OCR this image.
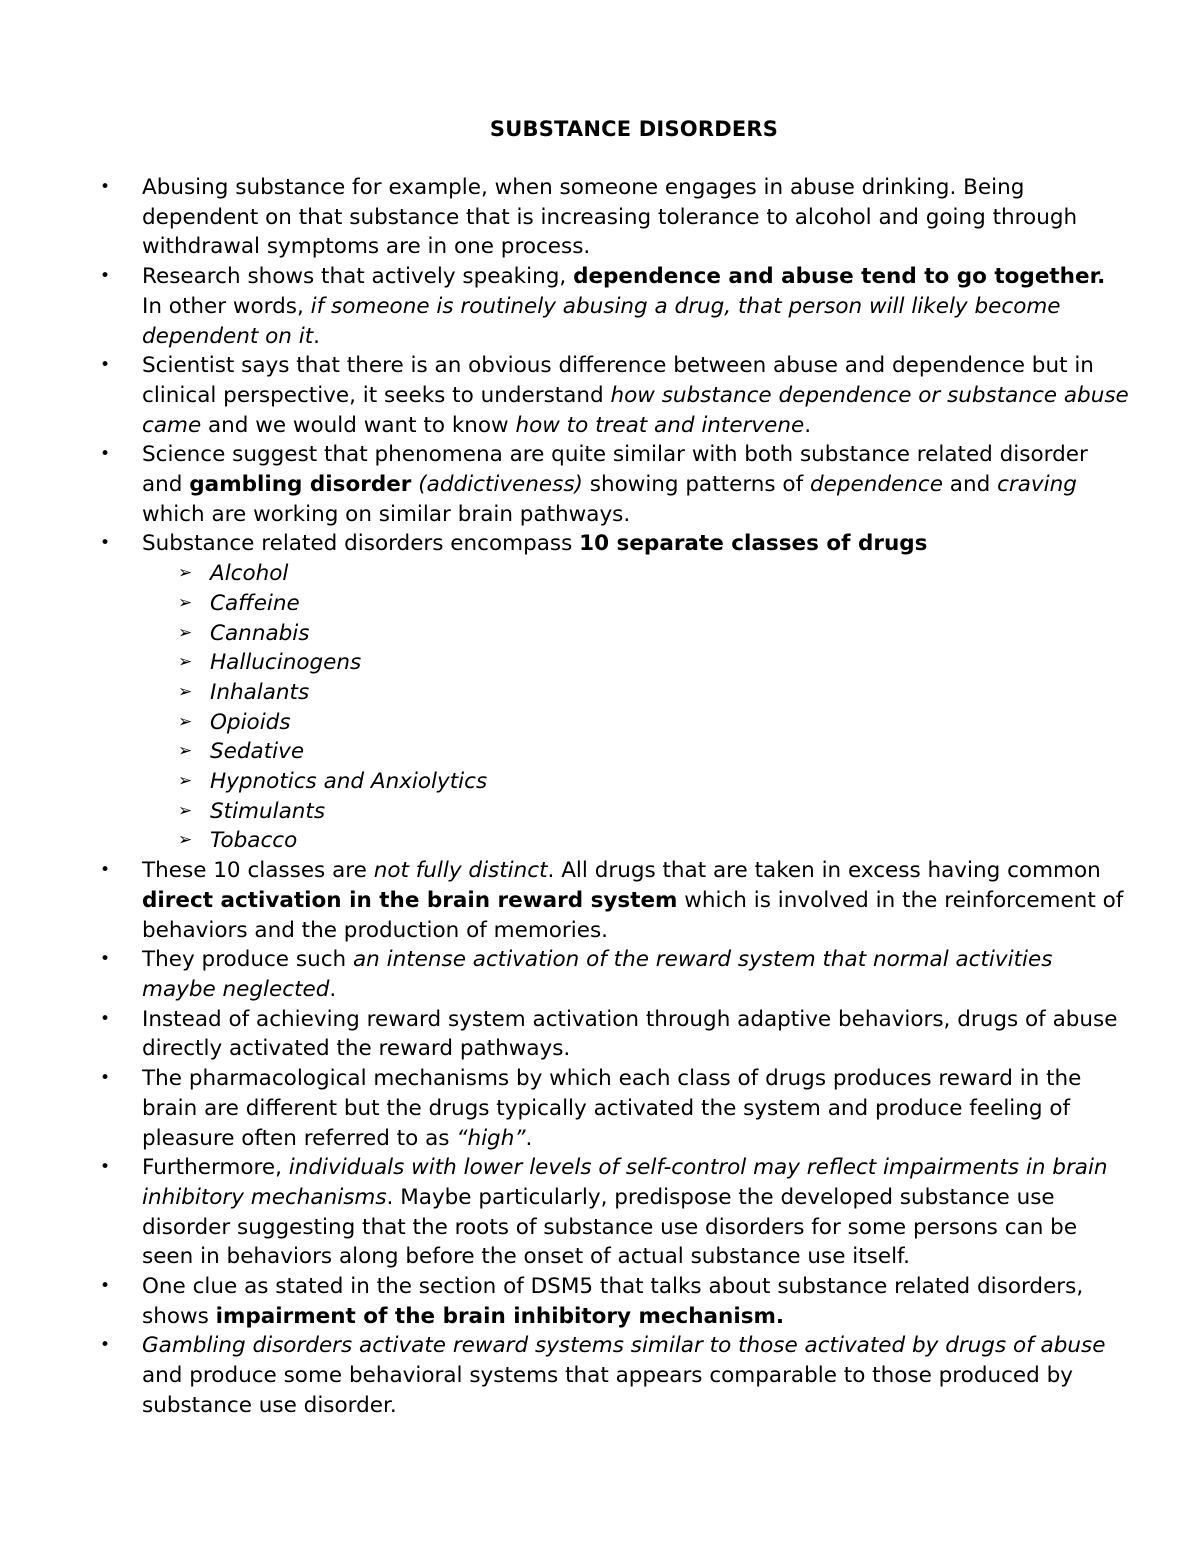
SUBSTANCE DISORDERS
•	Abusing substance for example, when someone engages in abuse drinking. Being dependent on that substance that is increasing tolerance to alcohol and going through withdrawal symptoms are in one process.
•	Research shows that actively speaking, dependence and abuse tend to go together. In other words, if someone is routinely abusing a drug, that person will likely become dependent on it.
•	Scientist says that there is an obvious difference between abuse and dependence but in clinical perspective, it seeks to understand how substance dependence or substance abuse came and we would want to know how to treat and intervene.
•	Science suggest that phenomena are quite similar with both substance related disorder and gambling disorder (addictiveness) showing patterns of dependence and craving which are working on similar brain pathways.
•	Substance related disorders encompass 10 separate classes of drugs
➢ Alcohol
➢ Caffeine
➢ Cannabis
➢ Hallucinogens
➢ Inhalants
➢ Opioids
➢ Sedative
➢ Hypnotics and Anxiolytics
➢ Stimulants
➢ Tobacco
•	These 10 classes are not fully distinct. All drugs that are taken in excess having common direct activation in the brain reward system which is involved in the reinforcement of behaviors and the production of memories.
•	They produce such an intense activation of the reward system that normal activities maybe neglected.
•	Instead of achieving reward system activation through adaptive behaviors, drugs of abuse directly activated the reward pathways.
•	The pharmacological mechanisms by which each class of drugs produces reward in the brain are different but the drugs typically activated the system and produce feeling of pleasure often referred to as “high”.
•	Furthermore, individuals with lower levels of self-control may reflect impairments in brain inhibitory mechanisms. Maybe particularly, predispose the developed substance use disorder suggesting that the roots of substance use disorders for some persons can be seen in behaviors along before the onset of actual substance use itself.
•	One clue as stated in the section of DSM5 that talks about substance related disorders, shows impairment of the brain inhibitory mechanism.
•	Gambling disorders activate reward systems similar to those activated by drugs of abuse and produce some behavioral systems that appears comparable to those produced by substance use disorder.
